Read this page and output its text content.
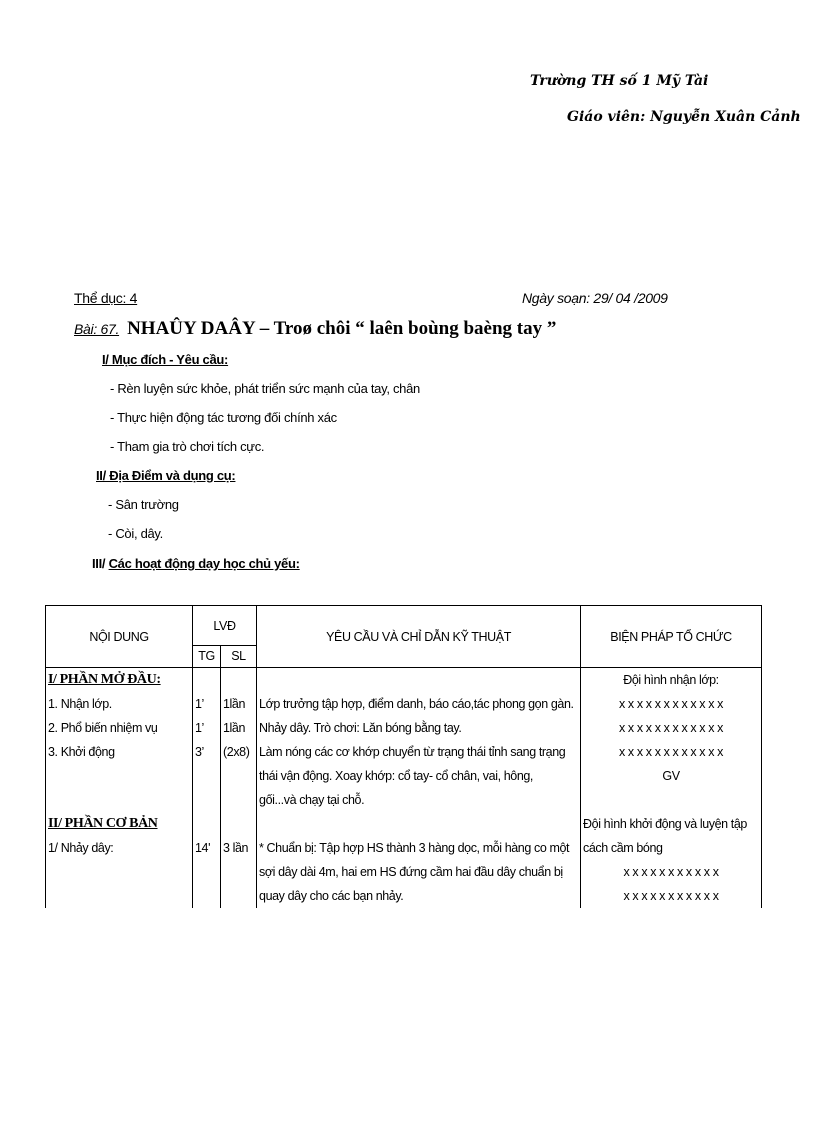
Trường TH số 1 Mỹ Tài
Giáo viên: Nguyễn Xuân Cảnh
Thể dục: 4	Ngày soạn: 29/ 04 /2009
Bài: 67. NHAÛY DAÂY – Troø chôi “ laên boùng baèng tay ”
I/ Mục đích - Yêu cầu:
- Rèn luyện sức khỏe, phát triển sức mạnh của tay, chân
- Thực hiện động tác tương đối chính xác
- Tham gia trò chơi tích cực.
II/ Địa Điểm và dụng cụ:
- Sân trường
- Còi, dây.
III/ Các hoạt động dạy học chủ yếu:
NỘI DUNG	LVĐ		YÊU CẦU VÀ CHỈ DẪN KỸ THUẬT	BIỆN PHÁP TỔ CHỨC
	TG	SL		
I/ PHẦN MỞ ĐẦU:				Đội hình nhận lớp:
1. Nhận lớp.	1’	1lần	Lớp trưởng tập hợp, điểm danh, báo cáo,tác phong gọn gàn.	x x x x x x x x x x x x
2. Phổ biến nhiệm vụ	1’	1lần	Nhảy dây. Trò chơi: Lăn bóng bằng tay.	x x x x x x x x x x x x
3. Khởi động	3’	(2x8)	Làm nóng các cơ khớp chuyển từ trạng thái tỉnh sang trạng	x x x x x x x x x x x x
			thái vận động. Xoay khớp: cổ tay- cổ chân, vai, hông,	GV
			gối...và chạy tại chỗ.	
II/ PHẦN CƠ BẢN				Đội hình khởi động và luyện tập
1/ Nhảy dây:	14'	3 lần	* Chuẩn bị: Tập hợp HS thành 3 hàng dọc, mỗi hàng co một	cách cầm bóng
			sợi dây dài 4m, hai em HS đứng cầm hai đầu dây chuẩn bị	x x x x x x x x x x x
			quay dây cho các bạn nhảy.	x x x x x x x x x x x
